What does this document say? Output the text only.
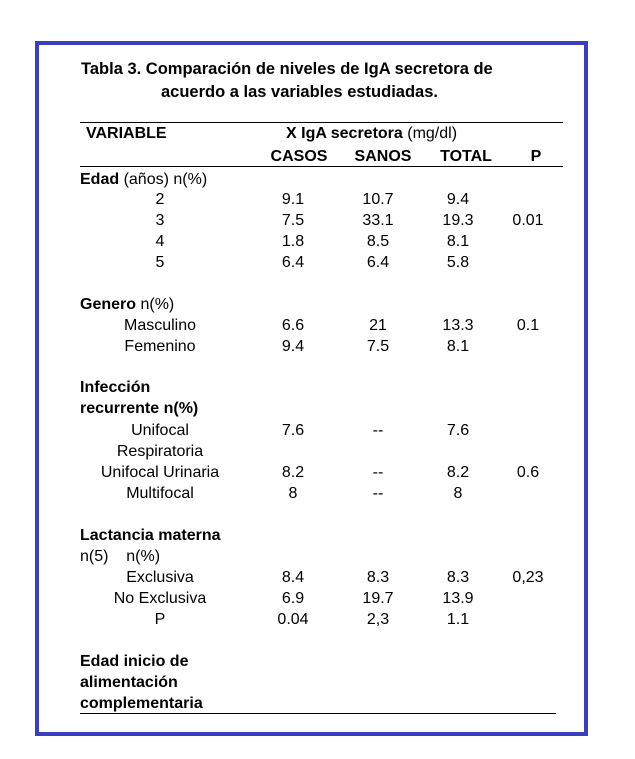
Tabla 3. Comparación de niveles de IgA secretora de
acuerdo a las variables estudiadas.
VARIABLE	X IgA secretora (mg/dl)
CASOS	SANOS	TOTAL	P
Edad (años) n(%)
2	9.1	10.7	9.4
3	7.5	33.1	19.3	0.01
4	1.8	8.5	8.1
5	6.4	6.4	5.8
Genero n(%)
Masculino	6.6	21	13.3	0.1
Femenino	9.4	7.5	8.1
Infección
recurrente n(%)
Unifocal	7.6	--	7.6
Respiratoria
Unifocal Urinaria	8.2	--	8.2	0.6
Multifocal	8	--	8
Lactancia materna
n(5)    n(%)
Exclusiva	8.4	8.3	8.3	0,23
No Exclusiva	6.9	19.7	13.9
P	0.04	2,3	1.1
Edad inicio de
alimentación
complementaria
